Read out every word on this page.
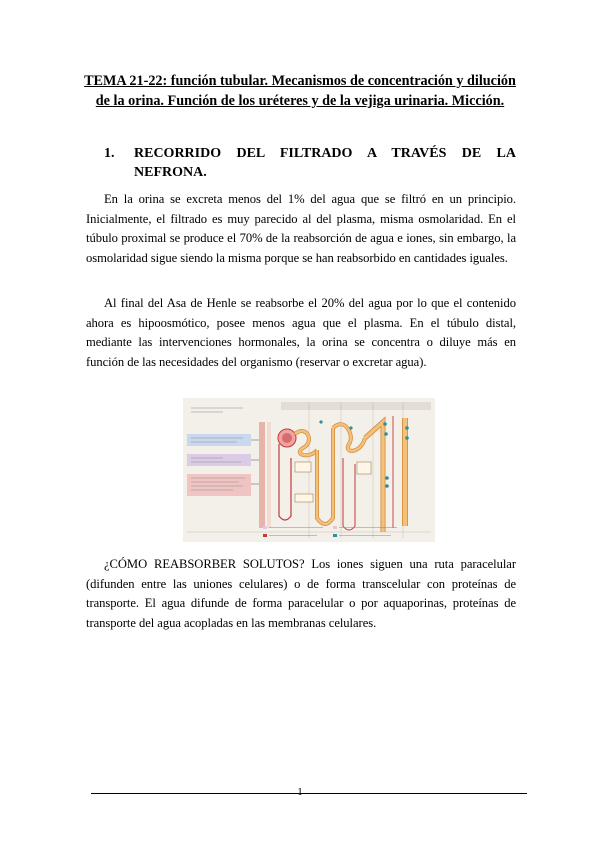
TEMA 21-22: función tubular. Mecanismos de concentración y dilución de la orina. Función de los uréteres y de la vejiga urinaria. Micción.
1. RECORRIDO DEL FILTRADO A TRAVÉS DE LA
NEFRONA.
En la orina se excreta menos del 1% del agua que se filtró en un principio. Inicialmente, el filtrado es muy parecido al del plasma, misma osmolaridad. En el túbulo proximal se produce el 70% de la reabsorción de agua e iones, sin embargo, la osmolaridad sigue siendo la misma porque se han reabsorbido en cantidades iguales.
Al final del Asa de Henle se reabsorbe el 20% del agua por lo que el contenido ahora es hipoosmótico, posee menos agua que el plasma. En el túbulo distal, mediante las intervenciones hormonales, la orina se concentra o diluye más en función de las necesidades del organismo (reservar o excretar agua).
¿CÓMO REABSORBER SOLUTOS? Los iones siguen una ruta paracelular (difunden entre las uniones celulares) o de forma transcelular con proteínas de transporte. El agua difunde de forma paracelular o por aquaporinas, proteínas de transporte del agua acopladas en las membranas celulares.
1
